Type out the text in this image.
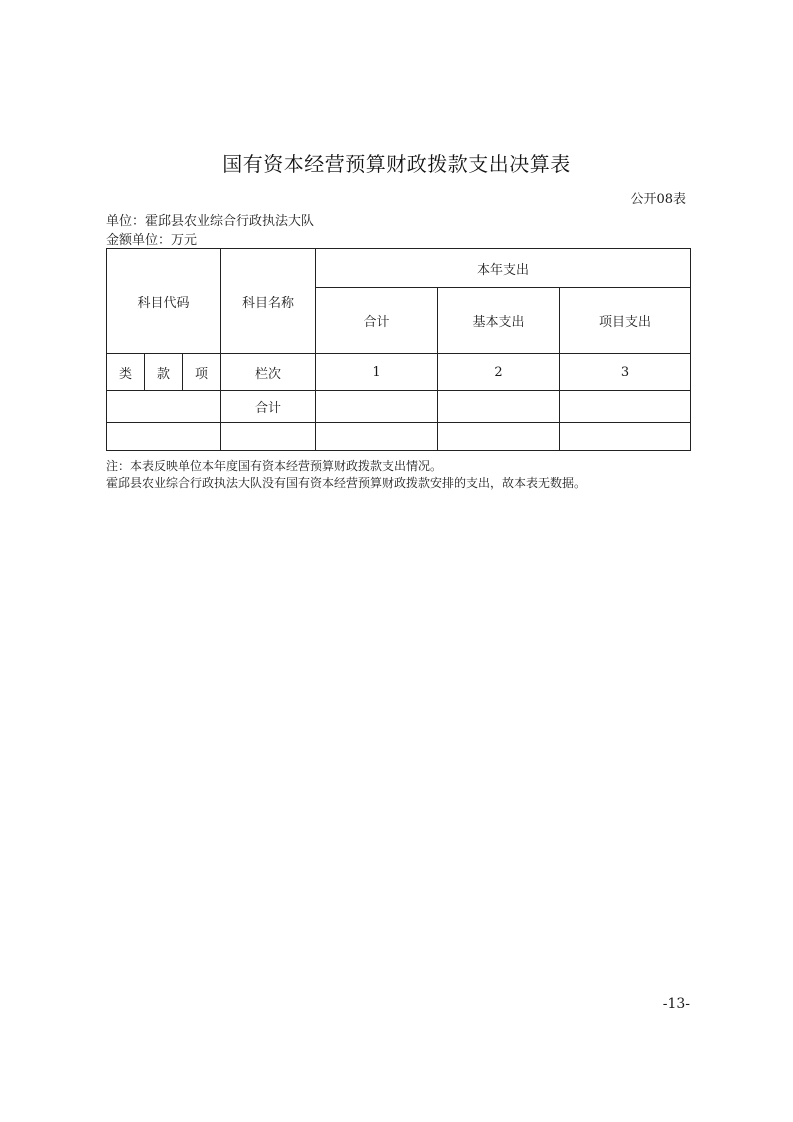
国有资本经营预算财政拨款支出决算表
公开08表
单位：霍邱县农业综合行政执法大队
金额单位：万元
科目代码			科目名称	本年支出		
				合计	基本支出	项目支出
类	款	项	栏次	1	2	3
			合计			

注：本表反映单位本年度国有资本经营预算财政拨款支出情况。
霍邱县农业综合行政执法大队没有国有资本经营预算财政拨款安排的支出，故本表无数据。
-13-
